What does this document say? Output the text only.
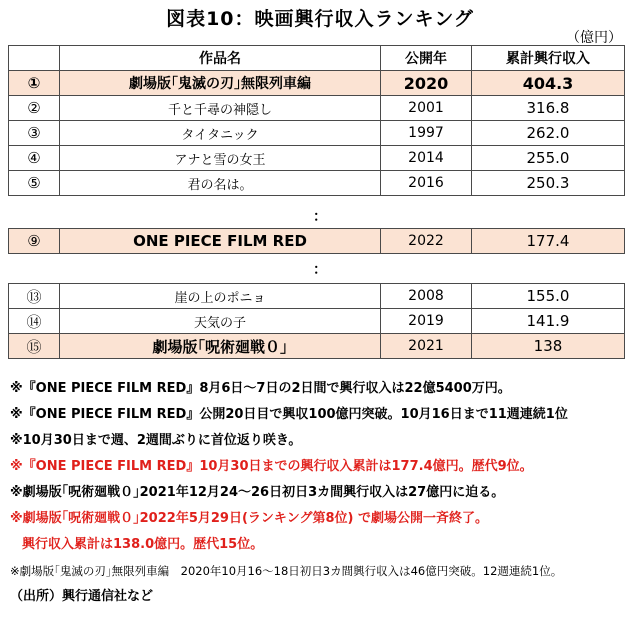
図表10：映画興行収入ランキング
（億円）
	作品名	公開年	累計興行収入
①	劇場版｢鬼滅の刃｣無限列車編	2020	404.3
②	千と千尋の神隠し	2001	316.8
③	タイタニック	1997	262.0
④	アナと雪の女王	2014	255.0
⑤	君の名は。	2016	250.3
：
⑨	ONE PIECE FILM RED	2022	177.4
：
⑬	崖の上のポニョ	2008	155.0
⑭	天気の子	2019	141.9
⑮	劇場版｢呪術廻戦０｣	2021	138
※『ONE PIECE FILM RED』8月6日～7日の2日間で興行収入は22億5400万円。
※『ONE PIECE FILM RED』公開20日目で興収100億円突破。10月16日まで11週連続1位
※10月30日まで週、2週間ぶりに首位返り咲き。
※『ONE PIECE FILM RED』10月30日までの興行収入累計は177.4億円。歴代9位。
※劇場版｢呪術廻戦０｣2021年12月24～26日初日3カ間興行収入は27億円に迫る。
※劇場版｢呪術廻戦０｣2022年5月29日(ランキング第8位) で劇場公開一斉終了。
興行収入累計は138.0億円。歴代15位。
※劇場版｢鬼滅の刃｣無限列車編　2020年10月16～18日初日3カ間興行収入は46億円突破。12週連続1位。
（出所）興行通信社など
